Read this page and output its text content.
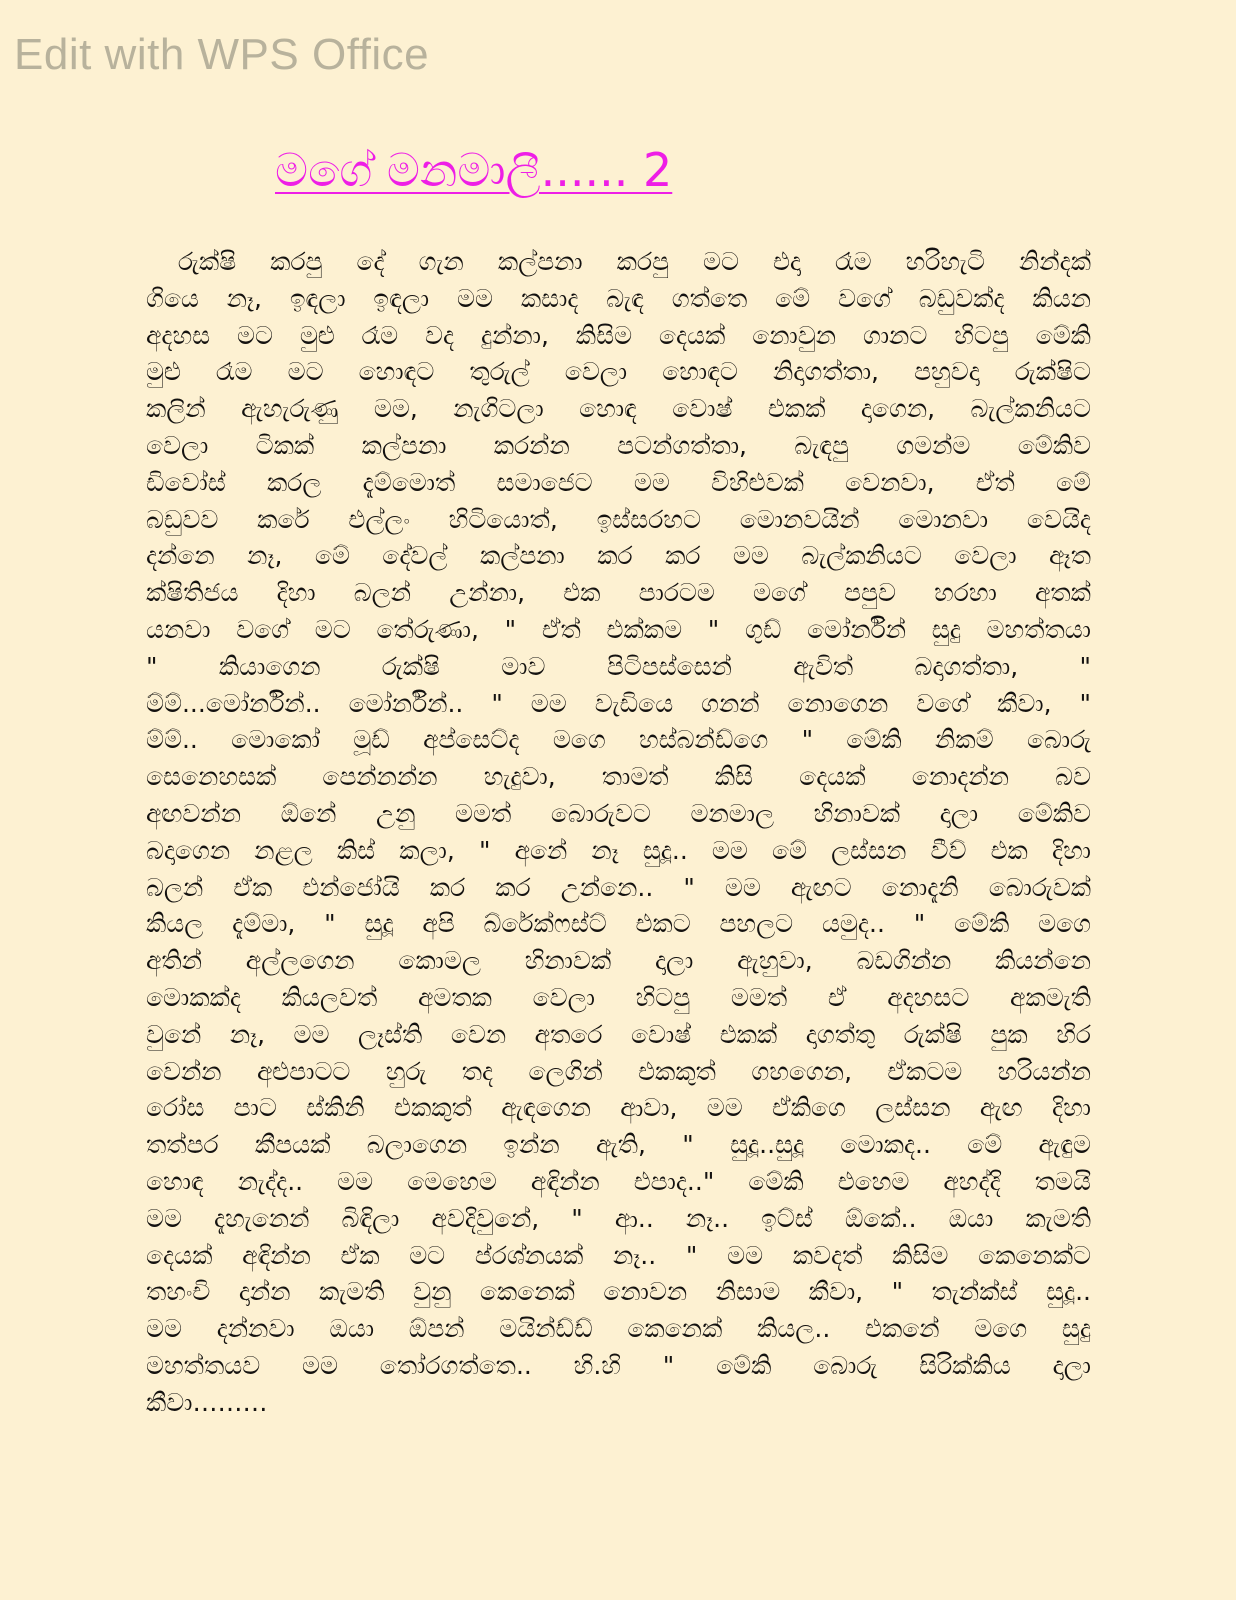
Edit with WPS Office
මගේ මනමාලී...... 2
රුක්ෂි කරපු දේ ගැන කල්පනා කරපු මට එදා රෑම හරිහැටි නින්දක්
ගියෙ නෑ, ඉඳලා ඉඳලා මම කසාද බැඳ ගත්තෙ මේ වගේ බඩුවක්ද කියන
අදහස මට මුළු රෑම වද දුන්නා, කිසිම දෙයක් නොවුන ගානට හිටපු මේකි
මුළු රෑම මට හොඳට තුරුල් වෙලා හොඳට නිදාගත්තා, පහුවදා රුක්ෂිට
කලින් ඇහැරුණු මම, නැගිටලා හොඳ වොෂ් එකක් දාගෙන, බැල්කනියට
වෙලා ටිකක් කල්පනා කරන්න පටන්ගත්තා, බැඳපු ගමන්ම මේකිව
ඩිවෝස් කරල දැම්මොත් සමාජෙට මම විහිළුවක් වෙනවා, ඒත් මේ
බඩුවව කරේ එල්ලං හිටියොත්, ඉස්සරහට මොනවයින් මොනවා වෙයිද
දන්නෙ නෑ, මේ දේවල් කල්පනා කර කර මම බැල්කනියට වෙලා ඈත
ක්ෂිතිජය දිහා බලන් උන්නා, එක පාරටම මගේ පපුව හරහා අතක්
යනවා වගේ මට තේරුණා, " ඒත් එක්කම " ගුඩ් මෝර්නින් සුදු මහත්තයා
" කියාගෙන රුක්ෂි මාව පිටිපස්සෙන් ඇවිත් බදාගත්තා, "
ම්ම්...මෝර්නින්.. මෝර්නින්.. " මම වැඩියෙ ගනන් නොගෙන වගේ කීවා, "
ම්ම්.. මොකෝ මූඩ් අප්සෙට්ද මගෙ හස්බන්ඩ්ගෙ " මේකි නිකම් බොරු
සෙනෙහසක් පෙන්නන්න හැදුවා, තාමත් කිසි දෙයක් නොදන්න බව
අඟවන්න ඕනේ උනු මමත් බොරුවට මනමාල හිනාවක් දාලා මේකිව
බදාගෙන නළල කිස් කලා, " අනේ නෑ සුදූ.. මම මේ ලස්සන වීව් එක දිහා
බලන් ඒක එන්ජෝයි කර කර උන්නෙ.. " මම ඇඟට නොදැනි බොරුවක්
කියල දැම්මා, " සුදූ අපි බ්රේක්ෆස්ට් එකට පහලට යමුද.. " මේකි මගෙ
අතින් අල්ලගෙන කොමල හිනාවක් දාලා ඇහුවා, බඩගින්න කියන්නෙ
මොකක්ද කියලවත් අමතක වෙලා හිටපු මමත් ඒ අදහසට අකමැති
වුනේ නෑ, මම ලෑස්ති වෙන අතරෙ වොෂ් එකක් දාගත්තු රුක්ෂි පුක හිර
වෙන්න අළුපාටට හුරු තද ලෙගින් එකකුත් ගහගෙන, ඒකටම හරියන්න
රෝස පාට ස්කිනි එකකුත් ඇඳගෙන ආවා, මම ඒකිගෙ ලස්සන ඇඟ දිහා
තත්පර කීපයක් බලාගෙන ඉන්න ඇති, " සුදූ..සුදූ මොකද.. මේ ඇඳුම
හොඳ නැද්ද.. මම මෙහෙම අඳින්න එපාද.." මේකි එහෙම අහද්දි තමයි
මම දැහැනෙන් බිඳිලා අවදිවුනේ, " ආ.. නෑ.. ඉට්ස් ඕකේ.. ඔයා කැමති
දෙයක් අඳින්න ඒක මට ප්රශ්නයක් නෑ.. " මම කවදත් කිසිම කෙනෙක්ට
තහංචි දාන්න කැමති වුනු කෙනෙක් නොවන නිසාම කීවා, " තැන්ක්ස් සුදූ..
මම දන්නවා ඔයා ඕපන් මයින්ඩ්ඩ් කෙනෙක් කියල.. එකනේ මගෙ සුදු
මහත්තයව මම තෝරගත්තෙ.. හි.හි " මේකි බොරු සිරික්කිය දාලා
කීවා………
